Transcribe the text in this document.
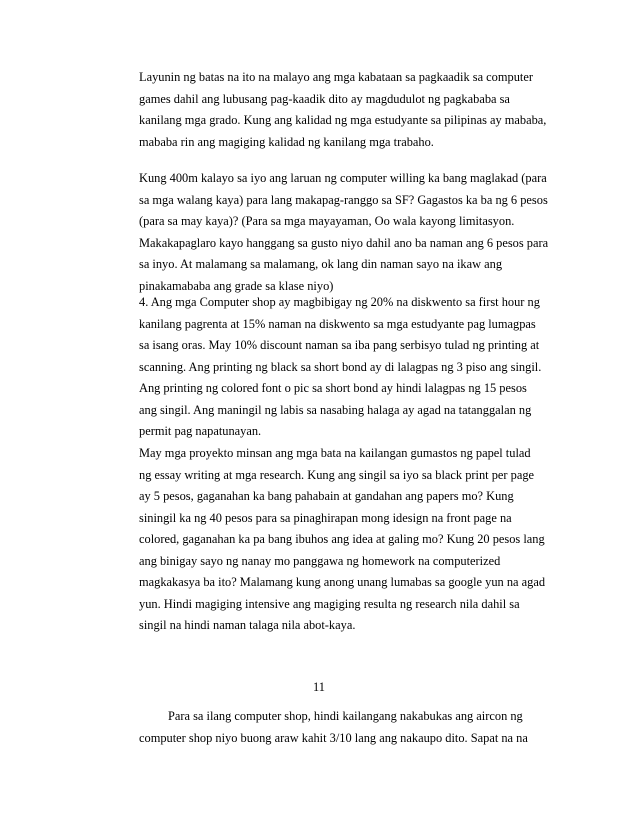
Layunin ng batas na ito na malayo ang mga kabataan sa pagkaadik sa computer
games dahil ang lubusang pag-kaadik dito ay magdudulot ng pagkababa sa
kanilang mga grado. Kung ang kalidad ng mga estudyante sa pilipinas ay mababa,
mababa rin ang magiging kalidad ng kanilang mga trabaho.
Kung 400m kalayo sa iyo ang laruan ng computer willing ka bang maglakad (para
sa mga walang kaya) para lang makapag-ranggo sa SF? Gagastos ka ba ng 6 pesos
(para sa may kaya)? (Para sa mga mayayaman, Oo wala kayong limitasyon.
Makakapaglaro kayo hanggang sa gusto niyo dahil ano ba naman ang 6 pesos para
sa inyo. At malamang sa malamang, ok lang din naman sayo na ikaw ang
pinakamababa ang grade sa klase niyo)
4. Ang mga Computer shop ay magbibigay ng 20% na diskwento sa first hour ng
kanilang pagrenta at 15% naman na diskwento sa mga estudyante pag lumagpas
sa isang oras. May 10% discount naman sa iba pang serbisyo tulad ng printing at
scanning. Ang printing ng black sa short bond ay di lalagpas ng 3 piso ang singil.
Ang printing ng colored font o pic sa short bond ay hindi lalagpas ng 15 pesos
ang singil. Ang maningil ng labis sa nasabing halaga ay agad na tatanggalan ng
permit pag napatunayan.
May mga proyekto minsan ang mga bata na kailangan gumastos ng papel tulad
ng essay writing at mga research. Kung ang singil sa iyo sa black print per page
ay 5 pesos, gaganahan ka bang pahabain at gandahan ang papers mo? Kung
siningil ka ng 40 pesos para sa pinaghirapan mong idesign na front page na
colored, gaganahan ka pa bang ibuhos ang idea at galing mo? Kung 20 pesos lang
ang binigay sayo ng nanay mo panggawa ng homework na computerized
magkakasya ba ito? Malamang kung anong unang lumabas sa google yun na agad
yun. Hindi magiging intensive ang magiging resulta ng research nila dahil sa
singil na hindi naman talaga nila abot-kaya.
11
Para sa ilang computer shop, hindi kailangang nakabukas ang aircon ng
computer shop niyo buong araw kahit 3/10 lang ang nakaupo dito. Sapat na na
